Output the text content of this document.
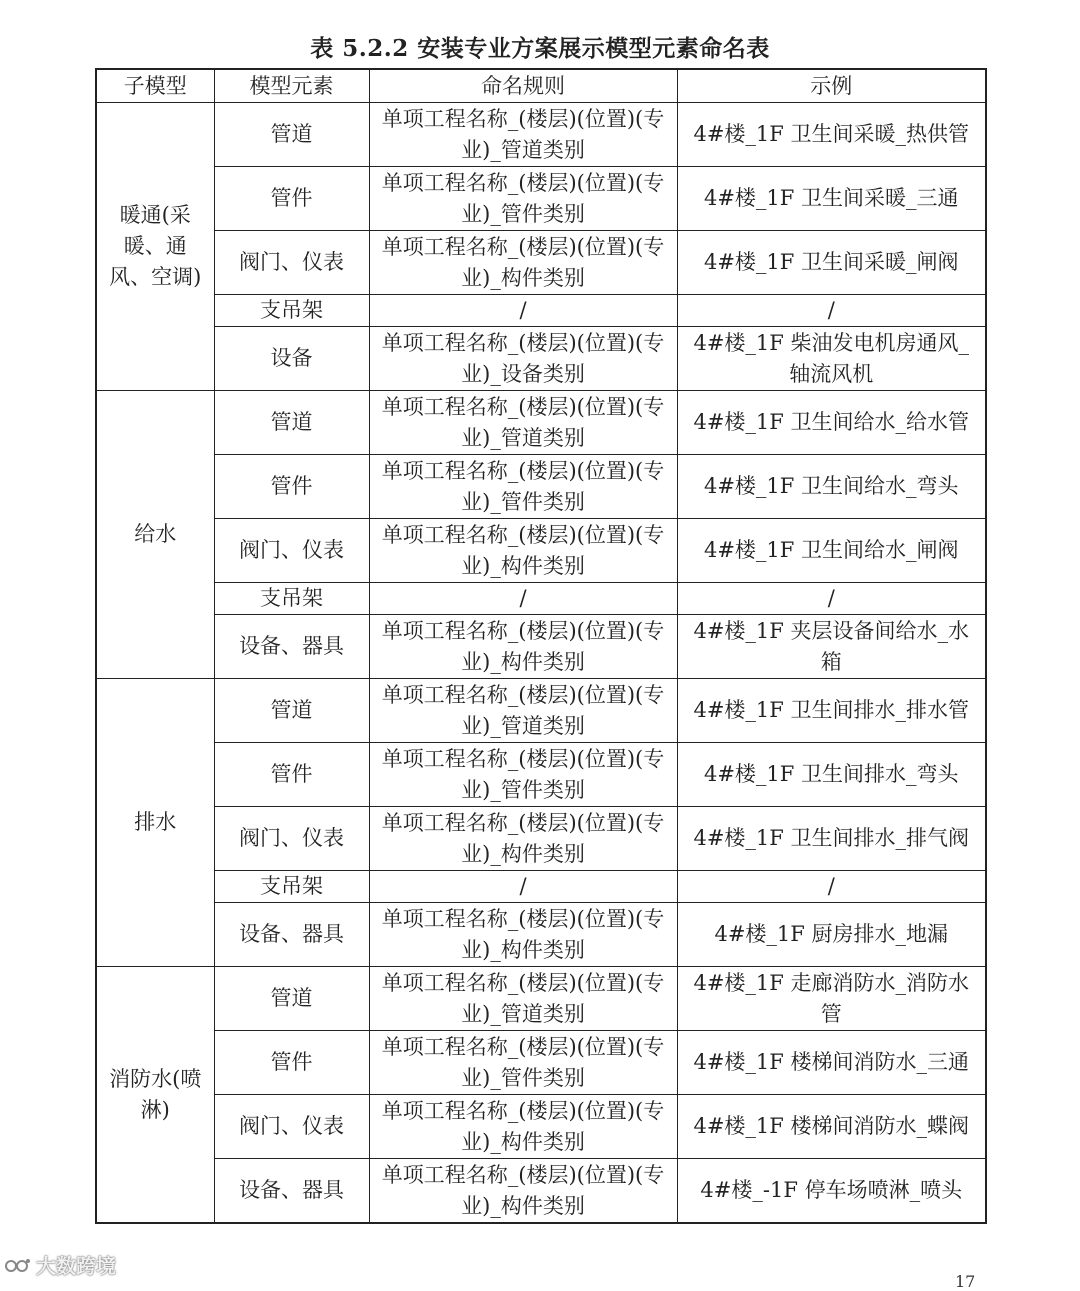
表 5.2.2 安装专业方案展示模型元素命名表
子模型	模型元素	命名规则	示例
暖通(采暖、通风、空调)	管道	单项工程名称_(楼层)(位置)(专业)_管道类别	4#楼_1F 卫生间采暖_热供管
	管件	单项工程名称_(楼层)(位置)(专业)_管件类别	4#楼_1F 卫生间采暖_三通
	阀门、仪表	单项工程名称_(楼层)(位置)(专业)_构件类别	4#楼_1F 卫生间采暖_闸阀
	支吊架	/	/
	设备	单项工程名称_(楼层)(位置)(专业)_设备类别	4#楼_1F 柴油发电机房通风_轴流风机
给水	管道	单项工程名称_(楼层)(位置)(专业)_管道类别	4#楼_1F 卫生间给水_给水管
	管件	单项工程名称_(楼层)(位置)(专业)_管件类别	4#楼_1F 卫生间给水_弯头
	阀门、仪表	单项工程名称_(楼层)(位置)(专业)_构件类别	4#楼_1F 卫生间给水_闸阀
	支吊架	/	/
	设备、器具	单项工程名称_(楼层)(位置)(专业)_构件类别	4#楼_1F 夹层设备间给水_水箱
排水	管道	单项工程名称_(楼层)(位置)(专业)_管道类别	4#楼_1F 卫生间排水_排水管
	管件	单项工程名称_(楼层)(位置)(专业)_管件类别	4#楼_1F 卫生间排水_弯头
	阀门、仪表	单项工程名称_(楼层)(位置)(专业)_构件类别	4#楼_1F 卫生间排水_排气阀
	支吊架	/	/
	设备、器具	单项工程名称_(楼层)(位置)(专业)_构件类别	4#楼_1F 厨房排水_地漏
消防水(喷淋)	管道	单项工程名称_(楼层)(位置)(专业)_管道类别	4#楼_1F 走廊消防水_消防水管
	管件	单项工程名称_(楼层)(位置)(专业)_管件类别	4#楼_1F 楼梯间消防水_三通
	阀门、仪表	单项工程名称_(楼层)(位置)(专业)_构件类别	4#楼_1F 楼梯间消防水_蝶阀
	设备、器具	单项工程名称_(楼层)(位置)(专业)_构件类别	4#楼_-1F 停车场喷淋_喷头
大数跨境
17
